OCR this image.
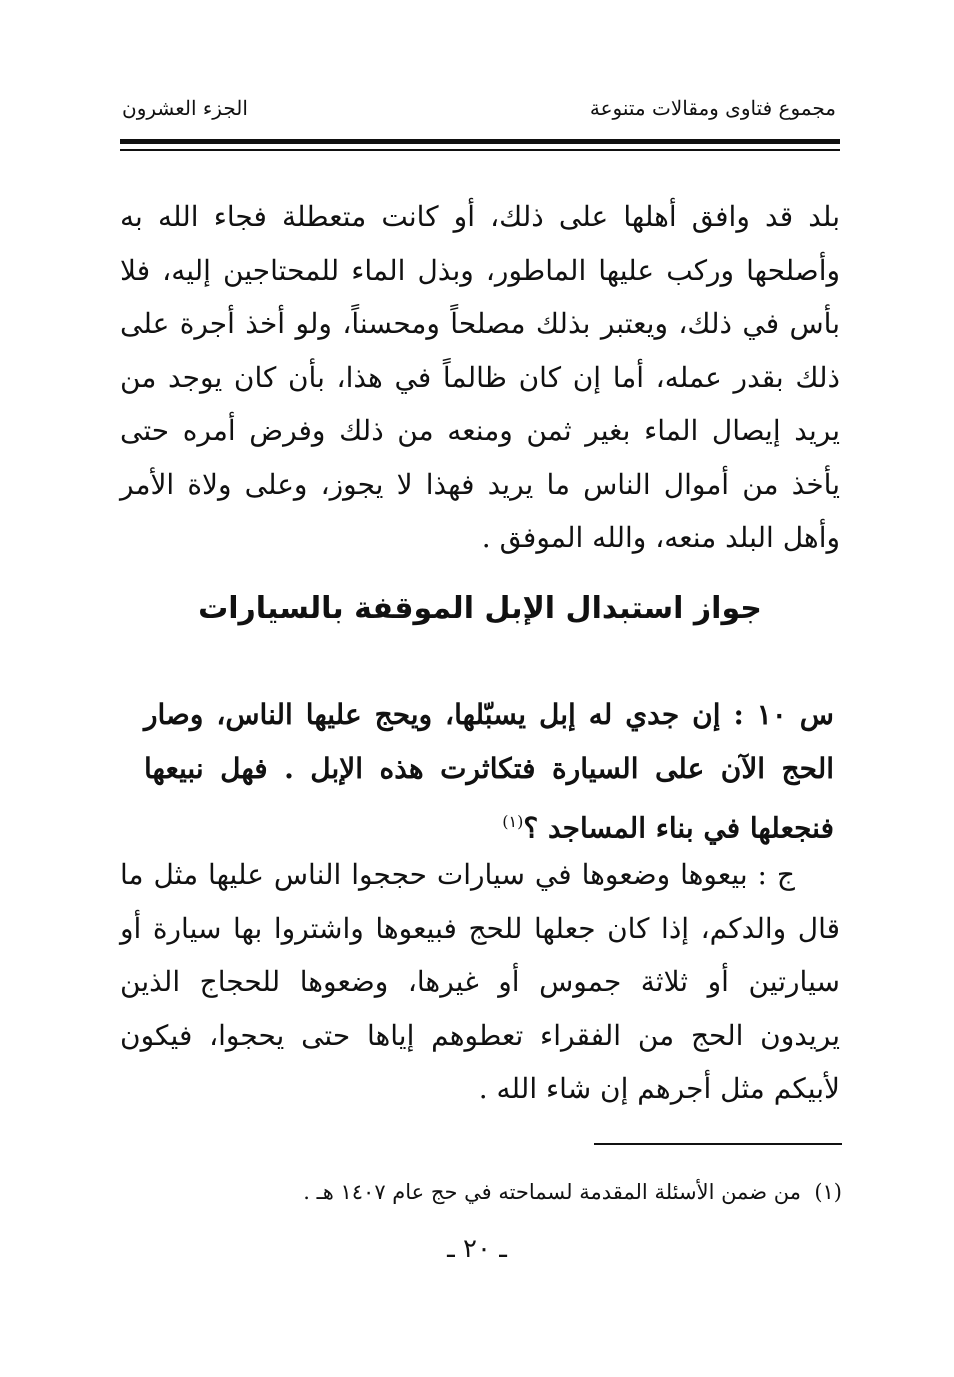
مجموع فتاوى ومقالات متنوعة
الجزء العشرون

بلد قد وافق أهلها على ذلك، أو كانت متعطلة فجاء الله به وأصلحها وركب عليها الماطور، وبذل الماء للمحتاجين إليه، فلا بأس في ذلك، ويعتبر بذلك مصلحاً ومحسناً، ولو أخذ أجرة على ذلك بقدر عمله، أما إن كان ظالماً في هذا، بأن كان يوجد من يريد إيصال الماء بغير ثمن ومنعه من ذلك وفرض أمره حتى يأخذ من أموال الناس ما يريد فهذا لا يجوز، وعلى ولاة الأمر وأهل البلد منعه، والله الموفق .

جواز استبدال الإبل الموقفة بالسيارات

س ١٠ : إن جدي له إبل يسبّلها، ويحج عليها الناس، وصار الحج الآن على السيارة فتكاثرت هذه الإبل . فهل نبيعها فنجعلها في بناء المساجد ؟$^{(١)}$

ج : بيعوها وضعوها في سيارات حججوا الناس عليها مثل ما قال والدكم، إذا كان جعلها للحج فبيعوها واشتروا بها سيارة أو سيارتين أو ثلاثة جموس أو غيرها، وضعوها للحجاج الذين يريدون الحج من الفقراء تعطوهم إياها حتى يحجوا، فيكون لأبيكم مثل أجرهم إن شاء الله .

(١)  من ضمن الأسئلة المقدمة لسماحته في حج عام ١٤٠٧ هـ .
ـ ٢٠ ـ
